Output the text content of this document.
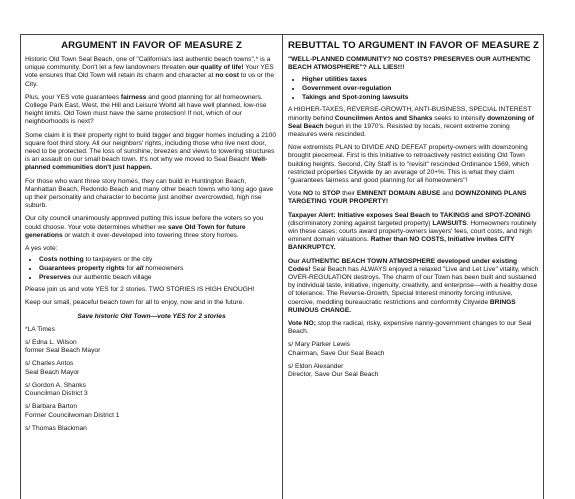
ARGUMENT IN FAVOR OF MEASURE Z

Historic Old Town Seal Beach, one of "California's last authentic beach towns",* is a unique community. Don't let a few landowners threaten our quality of life! Your YES vote ensures that Old Town will retain its charm and character at no cost to us or the City.

Plus, your YES vote guarantees fairness and good planning for all homeowners. College Park East, West, the Hill and Leisure World all have well planned, low-rise height limits. Old Town must have the same protection! If not, which of our neighborhoods is next?

Some claim it is their property right to build bigger and bigger homes including a 2100 square foot third story. All our neighbors' rights, including those who live next door, need to be protected. The loss of sunshine, breezes and views to towering structures is an assault on our small beach town. It's not why we moved to Seal Beach! Well-planned communities don't just happen.

For those who want three story homes, they can build in Huntington Beach, Manhattan Beach, Redondo Beach and many other beach towns who long ago gave up their personality and character to become just another overcrowded, high rise suburb.

Our city council unanimously approved putting this issue before the voters so you could choose. Your vote determines whether we save Old Town for future generations or watch it over-developed into towering three story homes.

A yes vote:

• Costs nothing to taxpayers or the city
• Guarantees property rights for all homeowners
• Preserves our authentic beach village

Please join us and vote YES for 2 stories. TWO STORIES IS HIGH ENOUGH!

Keep our small, peaceful beach town for all to enjoy, now and in the future.

Save historic Old Town—vote YES for 2 stories

*LA Times

s/ Edna L. Wilson

former Seal Beach Mayor

s/ Charles Antos

Seal Beach Mayor

s/ Gordon A. Shanks

Councilman District 3

s/ Barbara Barton

Former Councilwoman District 1

s/ Thomas Blackman

REBUTTAL TO ARGUMENT IN FAVOR OF MEASURE Z

"WELL-PLANNED COMMUNITY? NO COSTS? PRESERVES OUR AUTHENTIC BEACH ATMOSPHERE"? ALL LIES!!!

• Higher utilities taxes
• Government over-regulation
• Takings and Spot-zoning lawsuits

A HIGHER-TAXES, REVERSE-GROWTH, ANTI-BUSINESS, SPECIAL INTEREST minority behind Councilmen Antos and Shanks seeks to intensify downzoning of Seal Beach begun in the 1970's. Resisted by locals, recent extreme zoning measures were rescinded.

Now extremists PLAN to DIVIDE AND DEFEAT property-owners with downzoning brought piecemeal. First is this Initiative to retroactively restrict existing Old Town building heights. Second, City Staff is to "revisit" rescinded Ordinance 1569, which restricted properties Citywide by an average of 20+%. This is what they claim "guarantees fairness and good planning for all homeowners"!

Vote NO to STOP their EMINENT DOMAIN ABUSE and DOWNZONING PLANS TARGETING YOUR PROPERTY!

Taxpayer Alert: Initiative exposes Seal Beach to TAKINGS and SPOT-ZONING (discriminatory zoning against targeted property) LAWSUITS. Homeowners routinely win these cases; courts award property-owners lawyers' fees, court costs, and high eminent domain valuations. Rather than NO COSTS, Initiative invites CITY BANKRUPTCY.

Our AUTHENTIC BEACH TOWN ATMOSPHERE developed under existing Codes! Seal Beach has ALWAYS enjoyed a relaxed "Live and Let Live" vitality, which OVER-REGULATION destroys. The charm of our Town has been built and sustained by individual taste, initiative, ingenuity, creativity, and enterprise—with a healthy dose of tolerance. The Reverse-Growth, Special Interest minority forcing intrusive, coercive, meddling bureaucratic restrictions and conformity Citywide BRINGS RUINOUS CHANGE.

Vote NO; stop the radical, risky, expensive nanny-government changes to our Seal Beach.

s/ Mary Parker Lewis

Chairman, Save Our Seal Beach

s/ Eldon Alexander

Director, Save Our Seal Beach
